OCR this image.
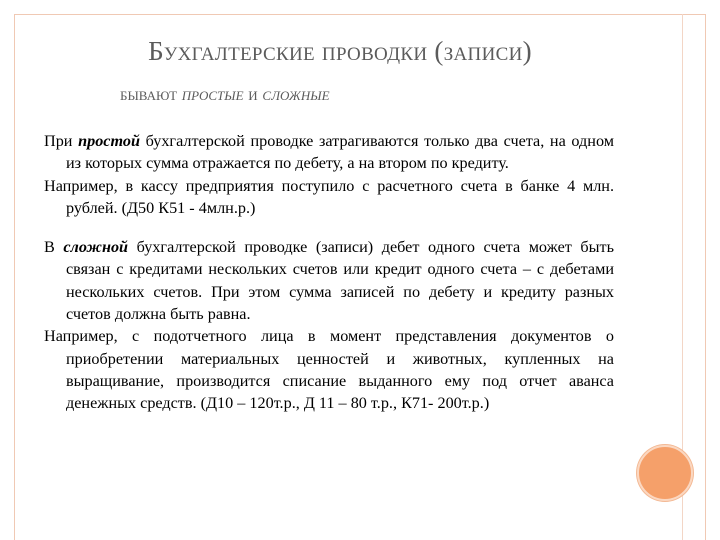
Бухгалтерские проводки (записи)
бывают простые и сложные

При простой бухгалтерской проводке затрагиваются только два счета, на одном из которых сумма отражается по дебету, а на втором по кредиту.

Например, в кассу предприятия поступило с расчетного счета в банке 4 млн. рублей. (Д50 К51 - 4млн.р.)

В сложной бухгалтерской проводке (записи) дебет одного счета может быть связан с кредитами нескольких счетов или кредит одного счета – с дебетами нескольких счетов. При этом сумма записей по дебету и кредиту разных счетов должна быть равна.

Например, с подотчетного лица в момент представления документов о приобретении материальных ценностей и животных, купленных на выращивание, производится списание выданного ему под отчет аванса денежных средств. (Д10 – 120т.р., Д 11 – 80 т.р., К71- 200т.р.)
